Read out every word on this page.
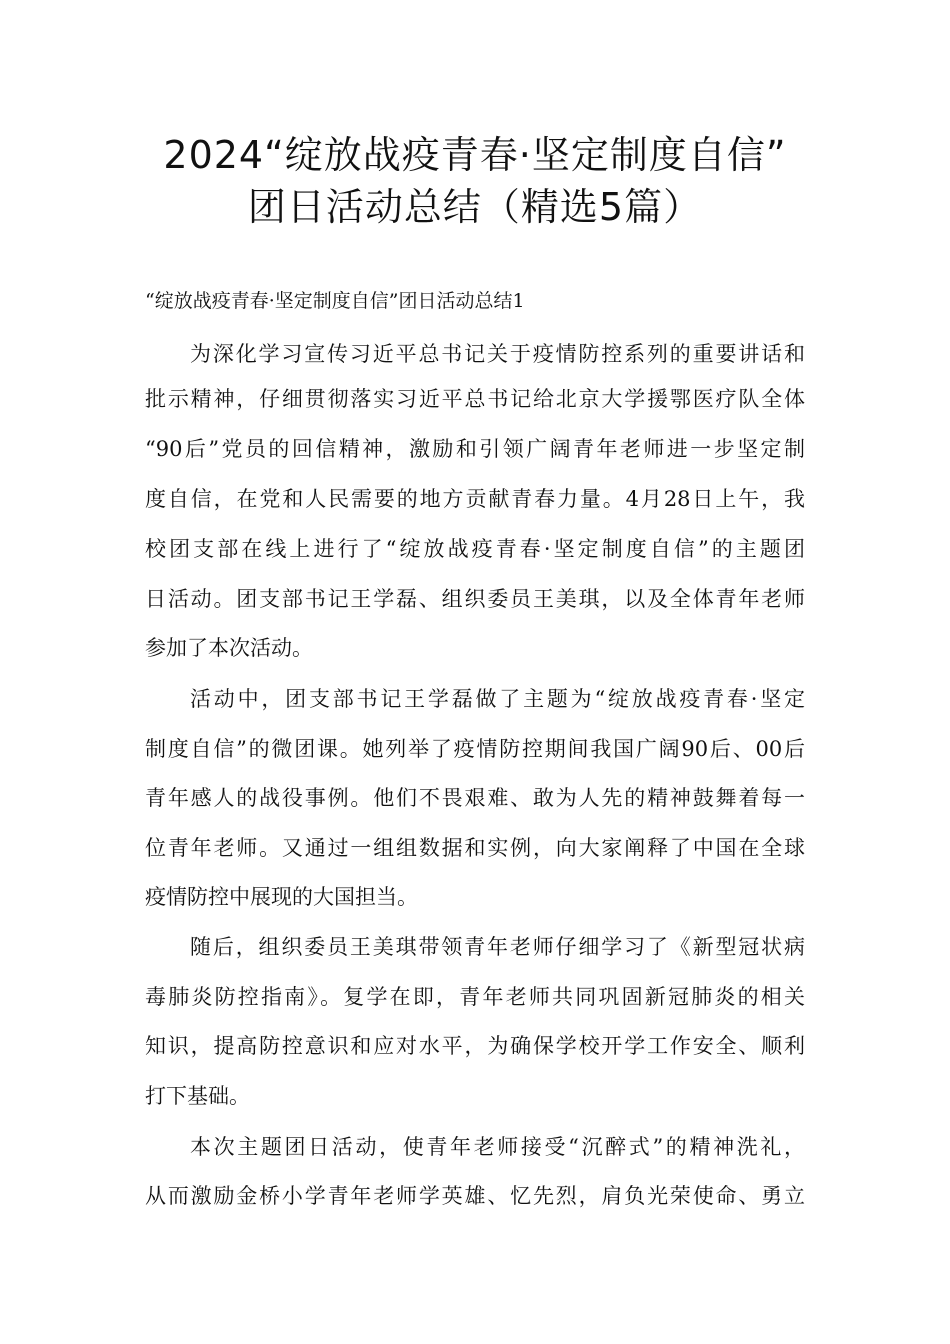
2024“绽放战疫青春·坚定制度自信”
团日活动总结（精选5篇）
“绽放战疫青春·坚定制度自信”团日活动总结1
为深化学习宣传习近平总书记关于疫情防控系列的重要讲话和
批示精神，仔细贯彻落实习近平总书记给北京大学援鄂医疗队全体
“90后”党员的回信精神，激励和引领广阔青年老师进一步坚定制
度自信，在党和人民需要的地方贡献青春力量。4月28日上午，我
校团支部在线上进行了“绽放战疫青春·坚定制度自信”的主题团
日活动。团支部书记王学磊、组织委员王美琪，以及全体青年老师
参加了本次活动。
活动中，团支部书记王学磊做了主题为“绽放战疫青春·坚定
制度自信”的微团课。她列举了疫情防控期间我国广阔90后、00后
青年感人的战役事例。他们不畏艰难、敢为人先的精神鼓舞着每一
位青年老师。又通过一组组数据和实例，向大家阐释了中国在全球
疫情防控中展现的大国担当。
随后，组织委员王美琪带领青年老师仔细学习了《新型冠状病
毒肺炎防控指南》。复学在即，青年老师共同巩固新冠肺炎的相关
知识，提高防控意识和应对水平，为确保学校开学工作安全、顺利
打下基础。
本次主题团日活动，使青年老师接受“沉醉式”的精神洗礼，
从而激励金桥小学青年老师学英雄、忆先烈，肩负光荣使命、勇立
